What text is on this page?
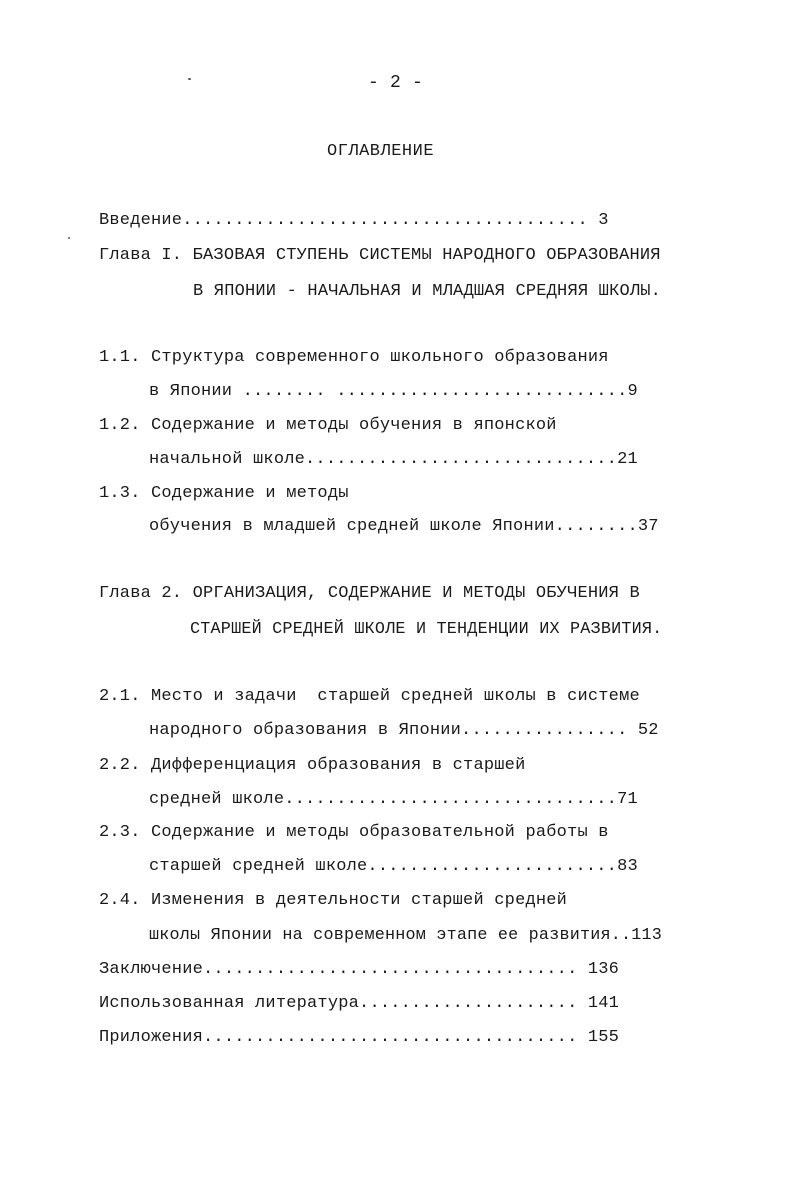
- 2 -
ОГЛАВЛЕНИЕ
Введение....................................... 3
Глава I. БАЗОВАЯ СТУПЕНЬ СИСТЕМЫ НАРОДНОГО ОБРАЗОВАНИЯ
В ЯПОНИИ - НАЧАЛЬНАЯ И МЛАДШАЯ СРЕДНЯЯ ШКОЛЫ.
1.1. Структура современного школьного образования
в Японии ........ ............................9
1.2. Содержание и методы обучения в японской
начальной школе..............................21
1.3. Содержание и методы
обучения в младшей средней школе Японии........37
Глава 2. ОРГАНИЗАЦИЯ, СОДЕРЖАНИЕ И МЕТОДЫ ОБУЧЕНИЯ В
СТАРШЕЙ СРЕДНЕЙ ШКОЛЕ И ТЕНДЕНЦИИ ИХ РАЗВИТИЯ.
2.1. Место и задачи  старшей средней школы в системе
народного образования в Японии................ 52
2.2. Дифференциация образования в старшей
средней школе................................71
2.3. Содержание и методы образовательной работы в
старшей средней школе........................83
2.4. Изменения в деятельности старшей средней
школы Японии на современном этапе ее развития..113
Заключение.................................... 136
Использованная литература..................... 141
Приложения.................................... 155
